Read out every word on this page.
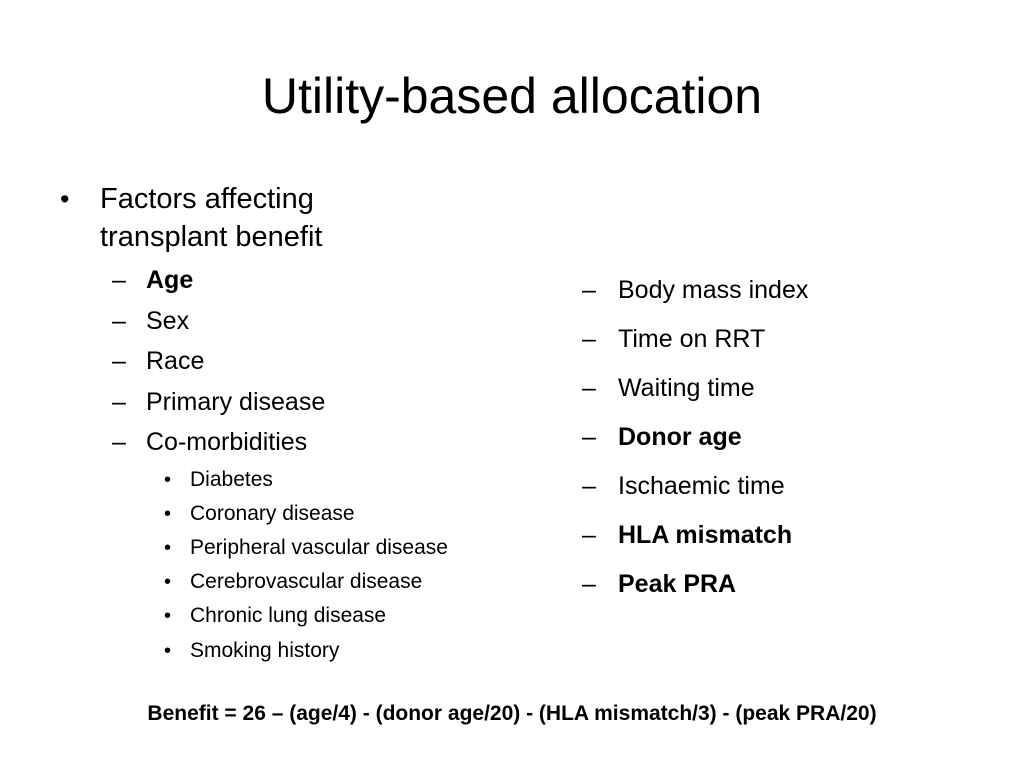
Utility-based allocation
• Factors affecting transplant benefit
– Age
– Sex
– Race
– Primary disease
– Co-morbidities
• Diabetes
• Coronary disease
• Peripheral vascular disease
• Cerebrovascular disease
• Chronic lung disease
• Smoking history
– Body mass index
– Time on RRT
– Waiting time
– Donor age
– Ischaemic time
– HLA mismatch
– Peak PRA
Benefit = 26 – (age/4) - (donor age/20) - (HLA mismatch/3) - (peak PRA/20)
